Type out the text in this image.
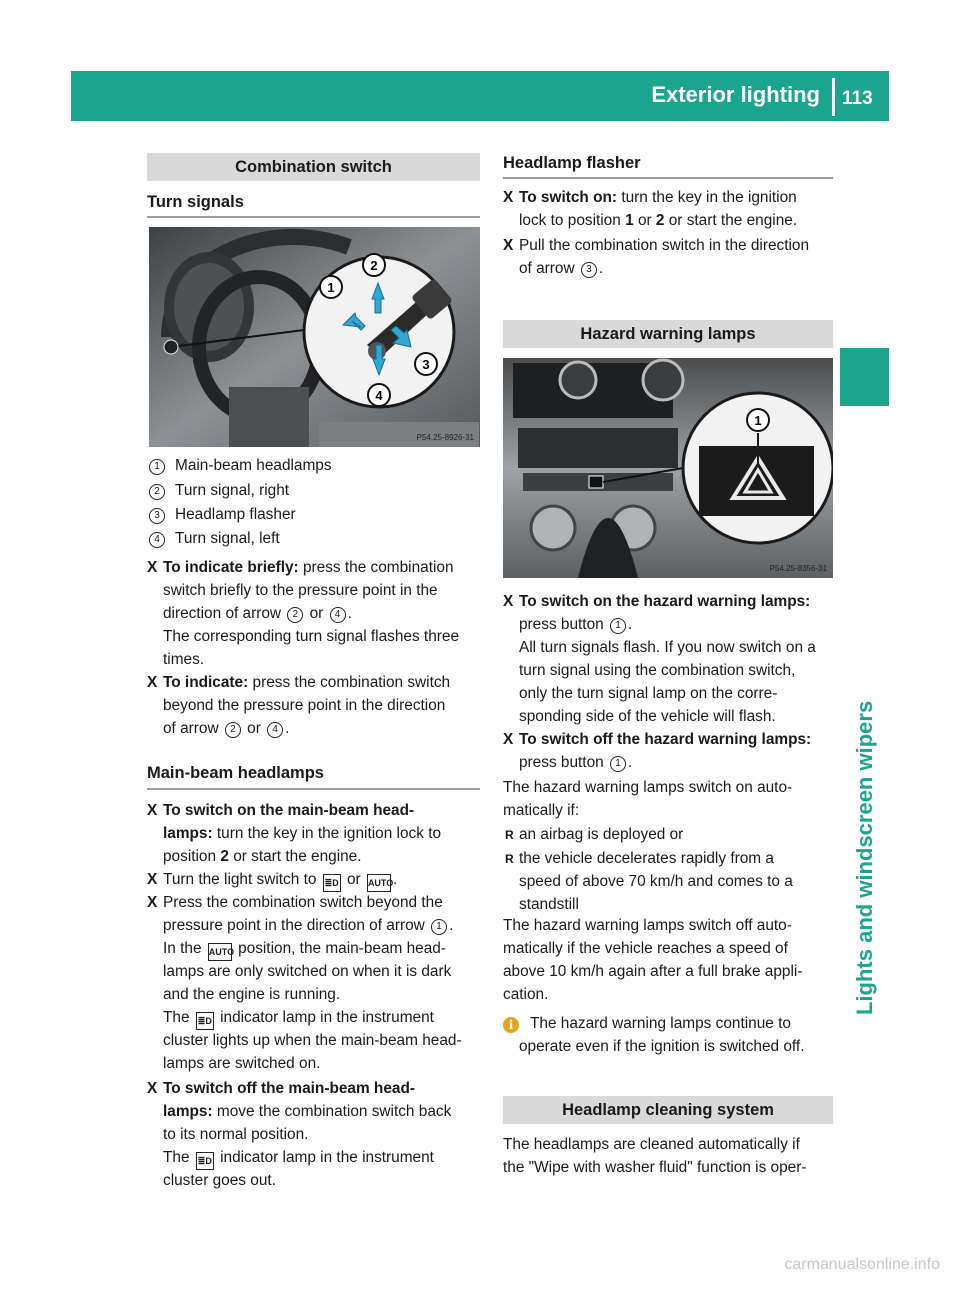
Exterior lighting 113
Lights and windscreen wipers
Combination switch
Turn signals
2
1
3
4
P54.25-8926-31
1 Main-beam headlamps
2 Turn signal, right
3 Headlamp flasher
4 Turn signal, left
X To indicate briefly: press the combination
switch briefly to the pressure point in the
direction of arrow 2 or 4 .
The corresponding turn signal flashes three
times.
X To indicate: press the combination switch
beyond the pressure point in the direction
of arrow 2 or 4 .
Main-beam headlamps
X To switch on the main-beam head-
lamps: turn the key in the ignition lock to
position 2 or start the engine.
X Turn the light switch to ≣D or AUTO.
X Press the combination switch beyond the
pressure point in the direction of arrow 1 .
In the AUTO position, the main-beam head-
lamps are only switched on when it is dark
and the engine is running.
The ≣D indicator lamp in the instrument
cluster lights up when the main-beam head-
lamps are switched on.
X To switch off the main-beam head-
lamps: move the combination switch back
to its normal position.
The ≣D indicator lamp in the instrument
cluster goes out.
Headlamp flasher
X To switch on: turn the key in the ignition
lock to position 1 or 2 or start the engine.
X Pull the combination switch in the direction
of arrow 3 .
Hazard warning lamps
1
P54.25-8356-31
X To switch on the hazard warning lamps:
press button 1 .
All turn signals flash. If you now switch on a
turn signal using the combination switch,
only the turn signal lamp on the corre-
sponding side of the vehicle will flash.
X To switch off the hazard warning lamps:
press button 1 .
The hazard warning lamps switch on auto-
matically if:
R an airbag is deployed or
R the vehicle decelerates rapidly from a
speed of above 70 km/h and comes to a
standstill
The hazard warning lamps switch off auto-
matically if the vehicle reaches a speed of
above 10 km/h again after a full brake appli-
cation.
i	The hazard warning lamps continue to
operate even if the ignition is switched off.
Headlamp cleaning system
The headlamps are cleaned automatically if
the "Wipe with washer fluid" function is oper-
carmanualsonline.info
